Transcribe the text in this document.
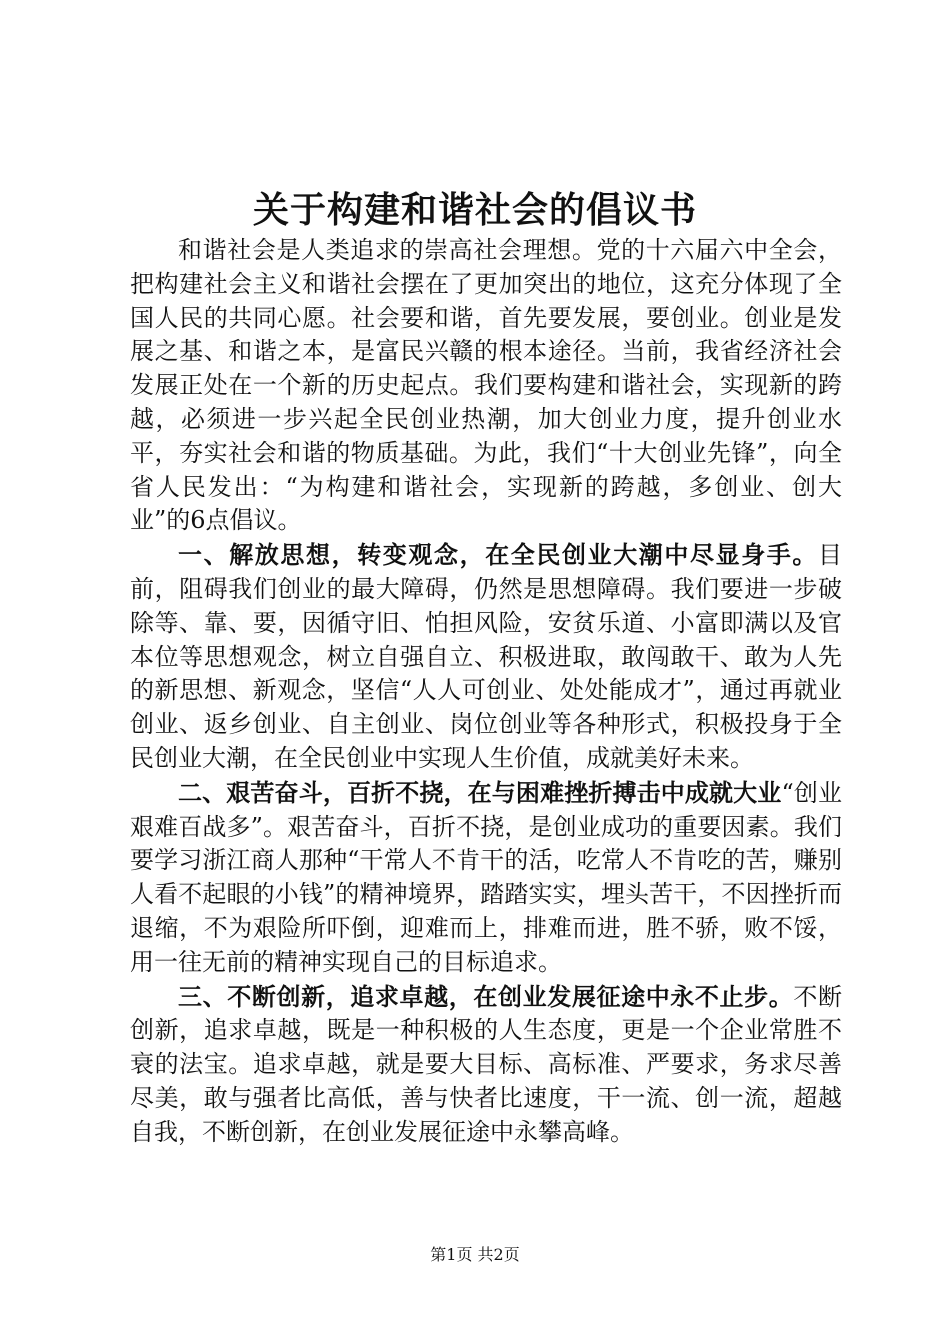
关于构建和谐社会的倡议书

和谐社会是人类追求的崇高社会理想。党的十六届六中全会，把构建社会主义和谐社会摆在了更加突出的地位，这充分体现了全国人民的共同心愿。社会要和谐，首先要发展，要创业。创业是发展之基、和谐之本，是富民兴赣的根本途径。当前，我省经济社会发展正处在一个新的历史起点。我们要构建和谐社会，实现新的跨越，必须进一步兴起全民创业热潮，加大创业力度，提升创业水平，夯实社会和谐的物质基础。为此，我们“十大创业先锋”，向全省人民发出：“为构建和谐社会，实现新的跨越，多创业、创大业”的6点倡议。

一、解放思想，转变观念，在全民创业大潮中尽显身手。目前，阻碍我们创业的最大障碍，仍然是思想障碍。我们要进一步破除等、靠、要，因循守旧、怕担风险，安贫乐道、小富即满以及官本位等思想观念，树立自强自立、积极进取，敢闯敢干、敢为人先的新思想、新观念，坚信“人人可创业、处处能成才”，通过再就业创业、返乡创业、自主创业、岗位创业等各种形式，积极投身于全民创业大潮，在全民创业中实现人生价值，成就美好未来。

二、艰苦奋斗，百折不挠，在与困难挫折搏击中成就大业“创业艰难百战多”。艰苦奋斗，百折不挠，是创业成功的重要因素。我们要学习浙江商人那种“干常人不肯干的活，吃常人不肯吃的苦，赚别人看不起眼的小钱”的精神境界，踏踏实实，埋头苦干，不因挫折而退缩，不为艰险所吓倒，迎难而上，排难而进，胜不骄，败不馁，用一往无前的精神实现自己的目标追求。

三、不断创新，追求卓越，在创业发展征途中永不止步。不断创新，追求卓越，既是一种积极的人生态度，更是一个企业常胜不衰的法宝。追求卓越，就是要大目标、高标准、严要求，务求尽善尽美，敢与强者比高低，善与快者比速度，干一流、创一流，超越自我，不断创新，在创业发展征途中永攀高峰。

第1页 共2页
